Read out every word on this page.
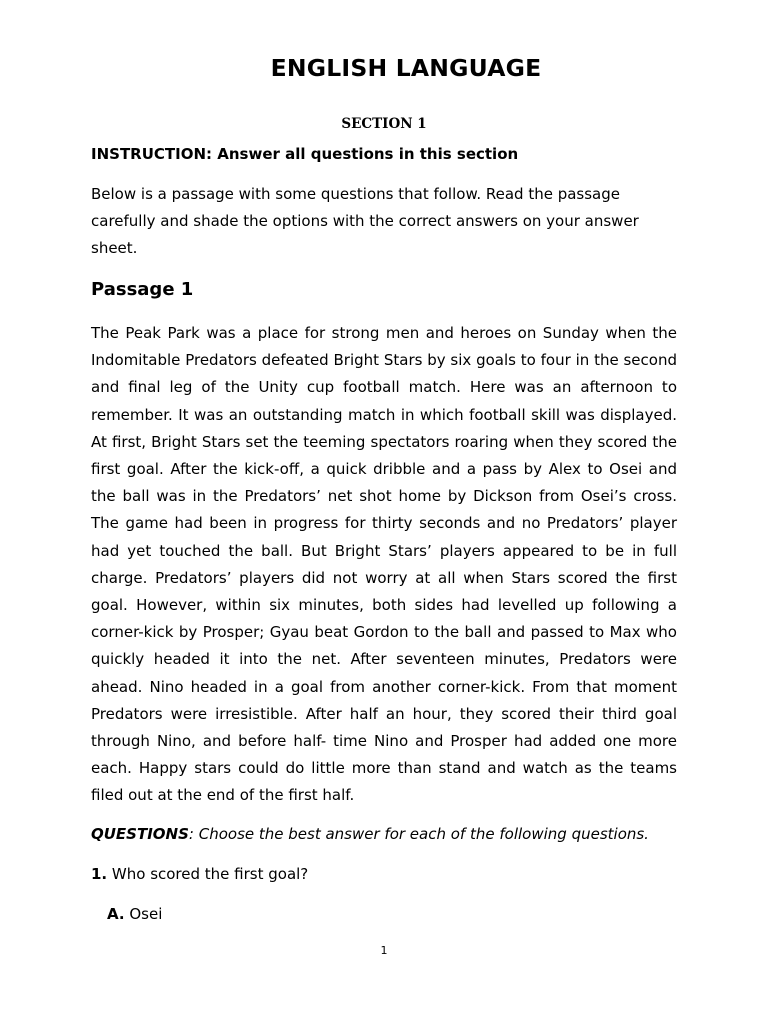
ENGLISH LANGUAGE

SECTION 1

INSTRUCTION: Answer all questions in this section

Below is a passage with some questions that follow. Read the passage carefully and shade the options with the correct answers on your answer sheet.

Passage 1

The Peak Park was a place for strong men and heroes on Sunday when the Indomitable Predators defeated Bright Stars by six goals to four in the second and final leg of the Unity cup football match. Here was an afternoon to remember. It was an outstanding match in which football skill was displayed. At first, Bright Stars set the teeming spectators roaring when they scored the first goal. After the kick-off, a quick dribble and a pass by Alex to Osei and the ball was in the Predators’ net shot home by Dickson from Osei’s cross. The game had been in progress for thirty seconds and no Predators’ player had yet touched the ball. But Bright Stars’ players appeared to be in full charge. Predators’ players did not worry at all when Stars scored the first goal. However, within six minutes, both sides had levelled up following a corner-kick by Prosper; Gyau beat Gordon to the ball and passed to Max who quickly headed it into the net. After seventeen minutes, Predators were ahead. Nino headed in a goal from another corner-kick. From that moment Predators were irresistible. After half an hour, they scored their third goal through Nino, and before half- time Nino and Prosper had added one more each. Happy stars could do little more than stand and watch as the teams filed out at the end of the first half.

QUESTIONS: Choose the best answer for each of the following questions.

1. Who scored the first goal?

A. Osei

1
